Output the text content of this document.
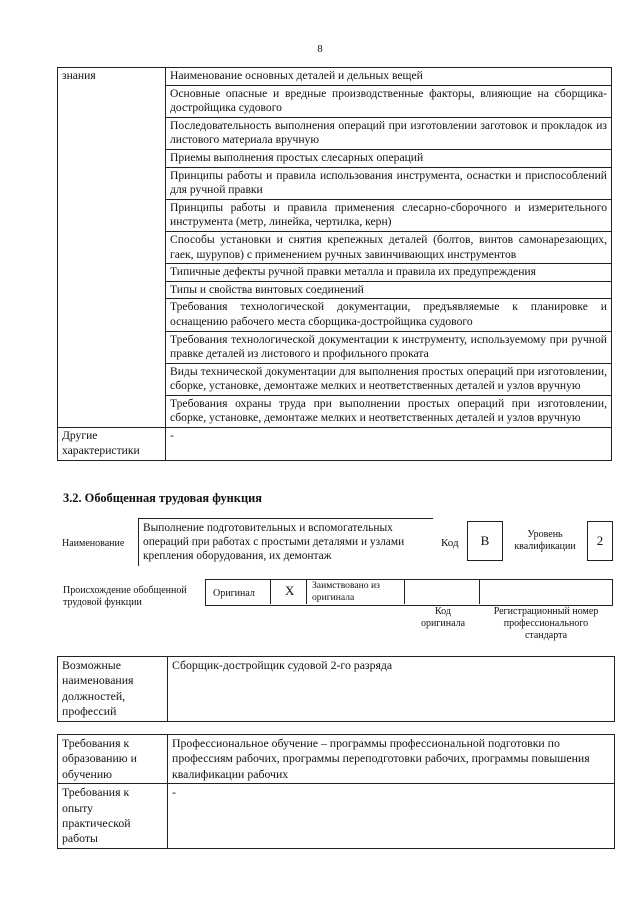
8
знания	Наименование основных деталей и дельных вещей
	Основные опасные и вредные производственные факторы, влияющие на сборщика-достройщика судового
	Последовательность выполнения операций при изготовлении заготовок и прокладок из листового материала вручную
	Приемы выполнения простых слесарных операций
	Принципы работы и правила использования инструмента, оснастки и приспособлений для ручной правки
	Принципы работы и правила применения слесарно-сборочного и измерительного инструмента (метр, линейка, чертилка, керн)
	Способы установки и снятия крепежных деталей (болтов, винтов самонарезающих, гаек, шурупов) с применением ручных завинчивающих инструментов
	Типичные дефекты ручной правки металла и правила их предупреждения
	Типы и свойства винтовых соединений
	Требования технологической документации, предъявляемые к планировке и оснащению рабочего места сборщика-достройщика судового
	Требования технологической документации к инструменту, используемому при ручной правке деталей из листового и профильного проката
	Виды технической документации для выполнения простых операций при изготовлении, сборке, установке, демонтаже мелких и неответственных деталей и узлов вручную
	Требования охраны труда при выполнении простых операций при изготовлении, сборке, установке, демонтаже мелких и неответственных деталей и узлов вручную
Другие характеристики	-
3.2. Обобщенная трудовая функция
Наименование
Выполнение подготовительных и вспомогательных операций при работах с простыми деталями и узлами крепления оборудования, их демонтаж
Код	В	Уровень квалификации	2
Происхождение обобщенной трудовой функции
Оригинал X Заимствовано из оригинала
Код оригинала
Регистрационный номер профессионального стандарта
Возможные наименования должностей, профессий	Сборщик-достройщик судовой 2-го разряда
Требования к образованию и обучению	Профессиональное обучение – программы профессиональной подготовки по профессиям рабочих, программы переподготовки рабочих, программы повышения квалификации рабочих
Требования к опыту практической работы	-
